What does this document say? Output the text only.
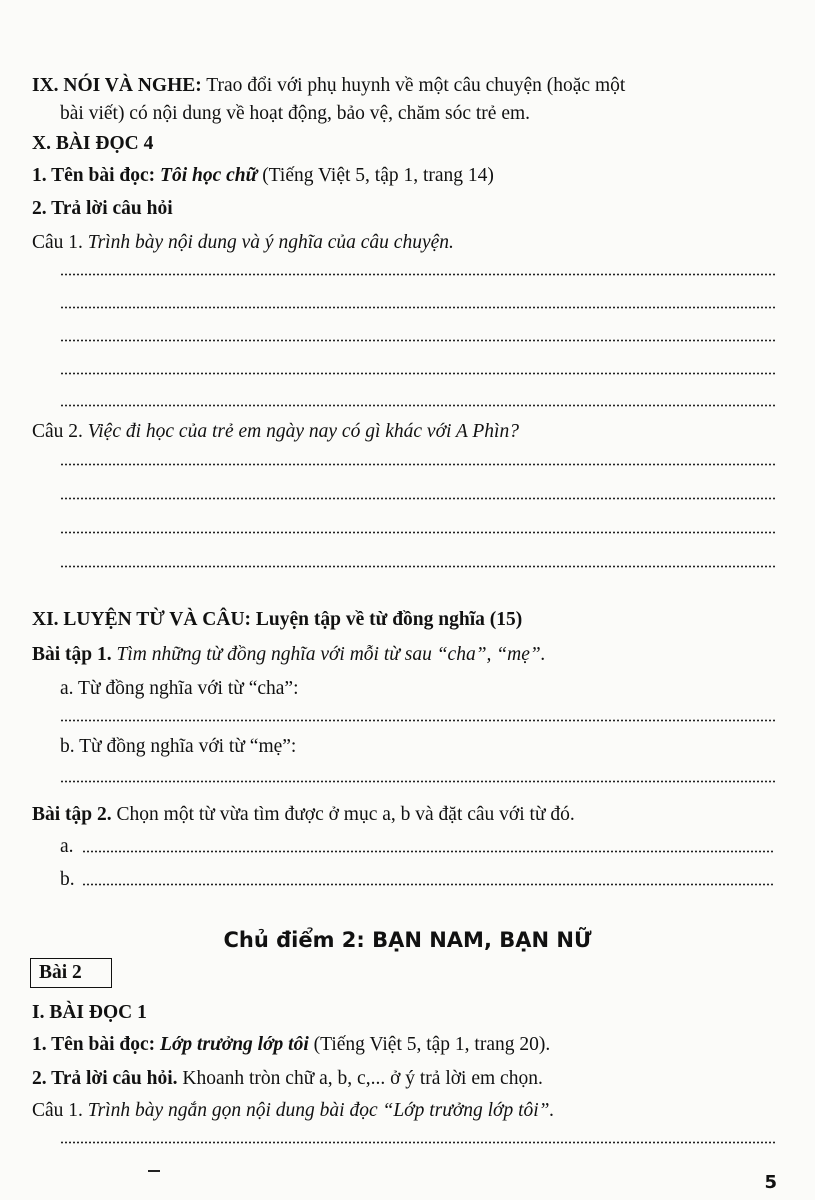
IX. NÓI VÀ NGHE: Trao đổi với phụ huynh về một câu chuyện (hoặc một
bài viết) có nội dung về hoạt động, bảo vệ, chăm sóc trẻ em.
X. BÀI ĐỌC 4
1. Tên bài đọc: Tôi học chữ (Tiếng Việt 5, tập 1, trang 14)
2. Trả lời câu hỏi
Câu 1. Trình bày nội dung và ý nghĩa của câu chuyện.
Câu 2. Việc đi học của trẻ em ngày nay có gì khác với A Phìn?
XI. LUYỆN TỪ VÀ CÂU: Luyện tập về từ đồng nghĩa (15)
Bài tập 1. Tìm những từ đồng nghĩa với mỗi từ sau “cha”, “mẹ”.
a. Từ đồng nghĩa với từ “cha”:
b. Từ đồng nghĩa với từ “mẹ”:
Bài tập 2. Chọn một từ vừa tìm được ở mục a, b và đặt câu với từ đó.
a.
b.
Chủ điểm 2: BẠN NAM, BẠN NỮ
Bài 2
I. BÀI ĐỌC 1
1. Tên bài đọc: Lớp trưởng lớp tôi (Tiếng Việt 5, tập 1, trang 20).
2. Trả lời câu hỏi. Khoanh tròn chữ a, b, c,... ở ý trả lời em chọn.
Câu 1. Trình bày ngắn gọn nội dung bài đọc “Lớp trưởng lớp tôi”.
5
